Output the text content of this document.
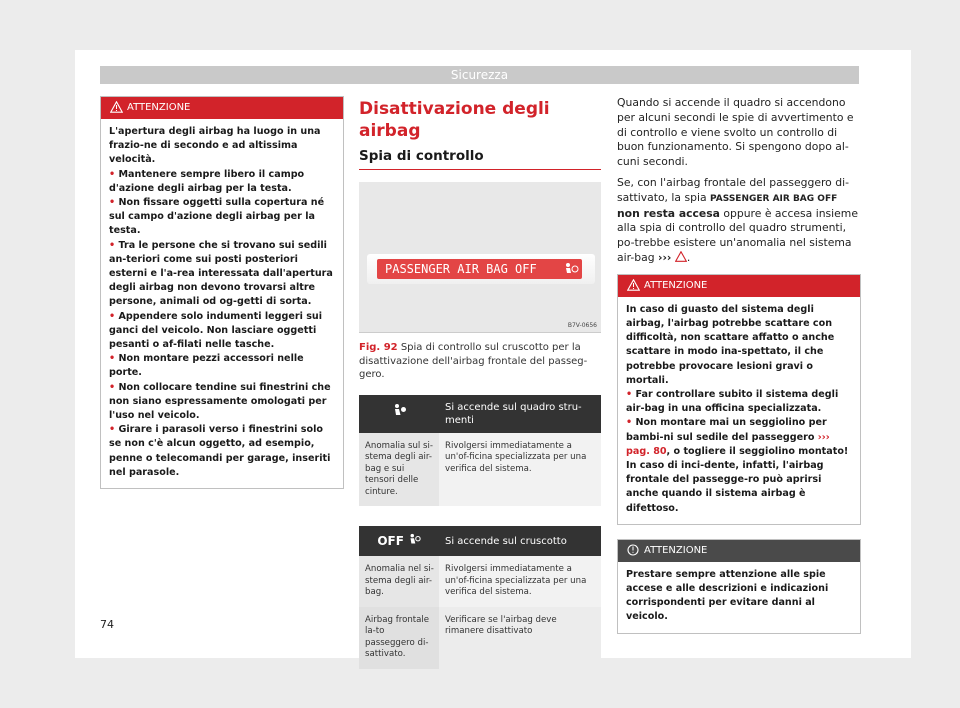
Sicurezza
ATTENZIONE

L'apertura degli airbag ha luogo in una frazio-ne di secondo e ad altissima velocità.

• Mantenere sempre libero il campo d'azione degli airbag per la testa.

• Non fissare oggetti sulla copertura né sul campo d'azione degli airbag per la testa.

• Tra le persone che si trovano sui sedili an-teriori come sui posti posteriori esterni e l'a-rea interessata dall'apertura degli airbag non devono trovarsi altre persone, animali od og-getti di sorta.

• Appendere solo indumenti leggeri sui ganci del veicolo. Non lasciare oggetti pesanti o af-filati nelle tasche.

• Non montare pezzi accessori nelle porte.

• Non collocare tendine sui finestrini che non siano espressamente omologati per l'uso nel veicolo.

• Girare i parasoli verso i finestrini solo se non c'è alcun oggetto, ad esempio, penne o telecomandi per garage, inseriti nel parasole.

Disattivazione degli airbag
Spia di controllo
PASSENGER AIR BAG OFF
B7V-0656
Fig. 92 Spia di controllo sul cruscotto per la disattivazione dell'airbag frontale del passeg-gero.
	Si accende sul quadro stru-menti
Anomalia sul si-stema degli air-bag e sui tensori delle cinture.	Rivolgersi immediatamente a un'of-ficina specializzata per una verifica del sistema.
OFF	Si accende sul cruscotto
Anomalia nel si-stema degli air-bag.	Rivolgersi immediatamente a un'of-ficina specializzata per una verifica del sistema.
Airbag frontale la-to passeggero di-sattivato.	Verificare se l'airbag deve rimanere disattivato

Quando si accende il quadro si accendono per alcuni secondi le spie di avvertimento e di controllo e viene svolto un controllo di buon funzionamento. Si spengono dopo al-cuni secondi.

Se, con l'airbag frontale del passeggero di-sattivato, la spia PASSENGER AIR BAG OFF non resta accesa oppure è accesa insieme alla spia di controllo del quadro strumenti, po-trebbe esistere un'anomalia nel sistema air-bag ››› .

ATTENZIONE

In caso di guasto del sistema degli airbag, l'airbag potrebbe scattare con difficoltà, non scattare affatto o anche scattare in modo ina-spettato, il che potrebbe provocare lesioni gravi o mortali.

• Far controllare subito il sistema degli air-bag in una officina specializzata.

• Non montare mai un seggiolino per bambi-ni sul sedile del passeggero ››› pag. 80, o togliere il seggiolino montato! In caso di inci-dente, infatti, l'airbag frontale del passegge-ro può aprirsi anche quando il sistema airbag è difettoso.

ATTENZIONE

Prestare sempre attenzione alle spie accese e alle descrizioni e indicazioni corrispondenti per evitare danni al veicolo.

74
